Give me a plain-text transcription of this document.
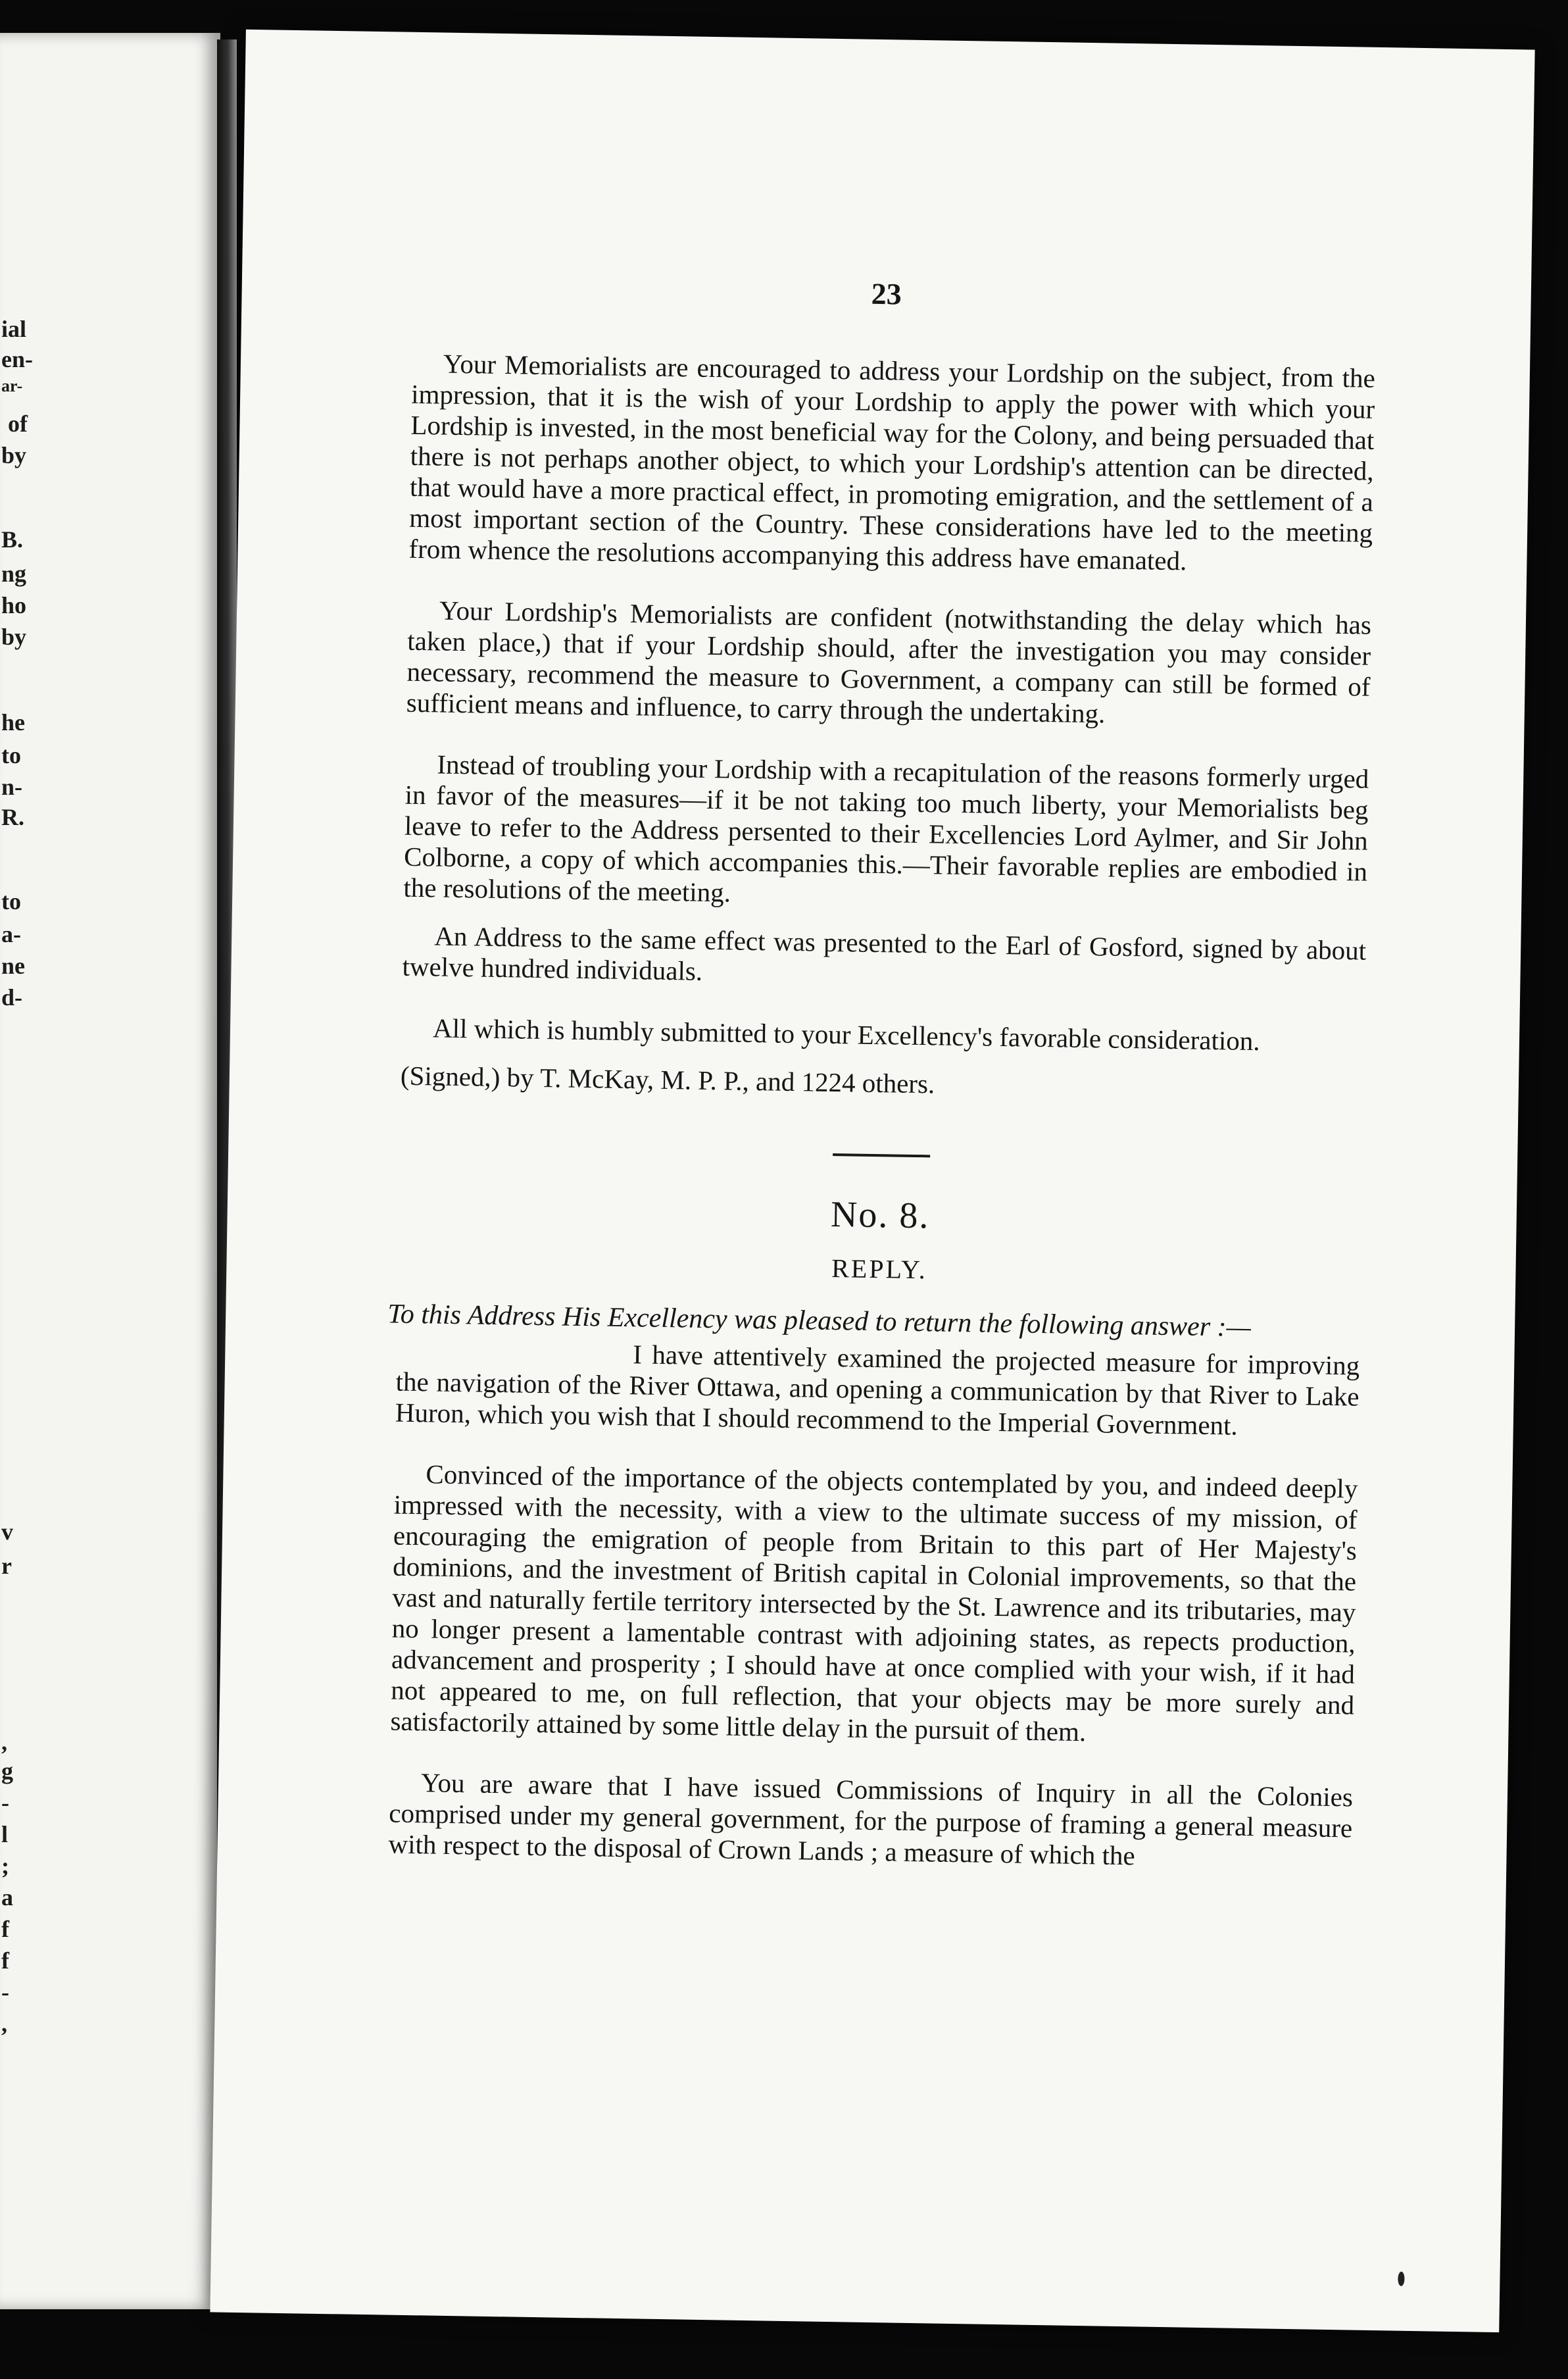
ial
en-
ar-
of
by
B.
ng
ho
by
he
to
n-
R.
to
a-
ne
d-
v
r
,
g
-
l
;
a
f
f
-
,
23

Your Memorialists are encouraged to address your Lordship on the subject, from the impression, that it is the wish of your Lordship to apply the power with which your Lordship is invested, in the most beneficial way for the Colony, and being persuaded that there is not perhaps another object, to which your Lordship's attention can be directed, that would have a more practical effect, in promoting emigration, and the settlement of a most important section of the Country. These considerations have led to the meeting from whence the resolutions accompanying this address have emanated.

Your Lordship's Memorialists are confident (notwithstanding the delay which has taken place,) that if your Lordship should, after the investigation you may consider necessary, recommend the measure to Government, a company can still be formed of sufficient means and influence, to carry through the undertaking.

Instead of troubling your Lordship with a recapitulation of the reasons formerly urged in favor of the measures—if it be not taking too much liberty, your Memorialists beg leave to refer to the Address persented to their Excellencies Lord Aylmer, and Sir John Colborne, a copy of which accompanies this.—Their favorable replies are embodied in the resolutions of the meeting.

An Address to the same effect was presented to the Earl of Gosford, signed by about twelve hundred individuals.

All which is humbly submitted to your Excellency's favorable consideration.

(Signed,) by T. McKay, M. P. P., and 1224 others.

No. 8.
REPLY.
To this Address His Excellency was pleased to return the following answer :—

I have attentively examined the projected measure for improving the navigation of the River Ottawa, and opening a communication by that River to Lake Huron, which you wish that I should recommend to the Imperial Government.

Convinced of the importance of the objects contemplated by you, and indeed deeply impressed with the necessity, with a view to the ultimate success of my mission, of encouraging the emigration of people from Britain to this part of Her Majesty's dominions, and the investment of British capital in Colonial improvements, so that the vast and naturally fertile territory intersected by the St. Lawrence and its tributaries, may no longer present a lamentable contrast with adjoining states, as repects production, advancement and prosperity ; I should have at once complied with your wish, if it had not appeared to me, on full reflection, that your objects may be more surely and satisfactorily attained by some little delay in the pursuit of them.

You are aware that I have issued Commissions of Inquiry in all the Colonies comprised under my general government, for the purpose of framing a general measure with respect to the disposal of Crown Lands ; a measure of which the
